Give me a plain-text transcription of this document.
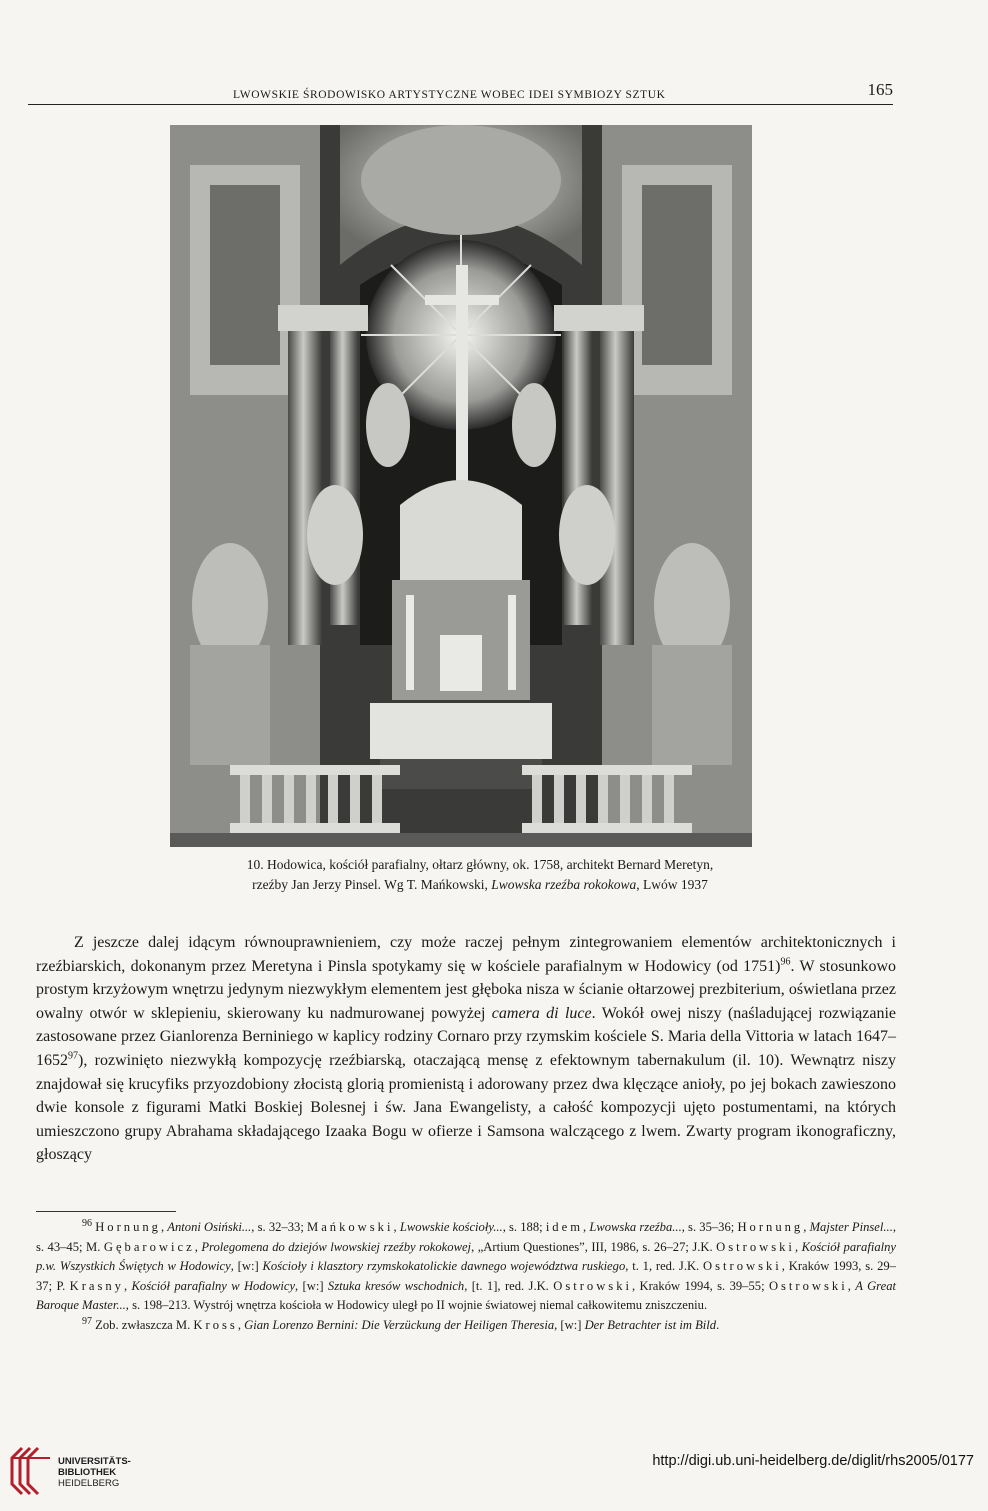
LWOWSKIE ŚRODOWISKO ARTYSTYCZNE WOBEC IDEI SYMBIOZY SZTUK	165
10. Hodowica, kościół parafialny, ołtarz główny, ok. 1758, architekt Bernard Meretyn,
rzeźby Jan Jerzy Pinsel. Wg T. Mańkowski, Lwowska rzeźba rokokowa, Lwów 1937

Z jeszcze dalej idącym równouprawnieniem, czy może raczej pełnym zintegrowaniem elementów architektonicznych i rzeźbiarskich, dokonanym przez Meretyna i Pinsla spotykamy się w kościele parafialnym w Hodowicy (od 1751)$^{96}$. W stosunkowo prostym krzyżowym wnętrzu jedynym niezwykłym elementem jest głęboka nisza w ścianie ołtarzowej prezbiterium, oświetlana przez owalny otwór w sklepieniu, skierowany ku nadmurowanej powyżej camera di luce. Wokół owej niszy (naśladującej rozwiązanie zastosowane przez Gianlorenza Berniniego w kaplicy rodziny Cornaro przy rzymskim kościele S. Maria della Vittoria w latach 1647–1652$^{97}$), rozwinięto niezwykłą kompozycję rzeźbiarską, otaczającą mensę z efektownym tabernakulum (il. 10). Wewnątrz niszy znajdował się krucyfiks przyozdobiony złocistą glorią promienistą i adorowany przez dwa klęczące anioły, po jej bokach zawieszono dwie konsole z figurami Matki Boskiej Bolesnej i św. Jana Ewangelisty, a całość kompozycji ujęto postumentami, na których umieszczono grupy Abrahama składającego Izaaka Bogu w ofierze i Samsona walczącego z lwem. Zwarty program ikonograficzny, głoszący

$^{96}$ Hornung, Antoni Osiński..., s. 32–33; Mańkowski, Lwowskie kościoły..., s. 188; idem, Lwowska rzeźba..., s. 35–36; Hornung, Majster Pinsel..., s. 43–45; M. Gębarowicz, Prolegomena do dziejów lwowskiej rzeźby rokokowej, „Artium Questiones”, III, 1986, s. 26–27; J.K. Ostrowski, Kościół parafialny p.w. Wszystkich Świętych w Hodowicy, [w:] Kościoły i klasztory rzymskokatolickie dawnego województwa ruskiego, t. 1, red. J.K. Ostrowski, Kraków 1993, s. 29–37; P. Krasny, Kościół parafialny w Hodowicy, [w:] Sztuka kresów wschodnich, [t. 1], red. J.K. Ostrowski, Kraków 1994, s. 39–55; Ostrowski, A Great Baroque Master..., s. 198–213. Wystrój wnętrza kościoła w Hodowicy uległ po II wojnie światowej niemal całkowitemu zniszczeniu.

$^{97}$ Zob. zwłaszcza M. Kross, Gian Lorenzo Bernini: Die Verzückung der Heiligen Theresia, [w:] Der Betrachter ist im Bild.

UNIVERSITÄTS-
BIBLIOTHEK
HEIDELBERG
http://digi.ub.uni-heidelberg.de/diglit/rhs2005/0177
